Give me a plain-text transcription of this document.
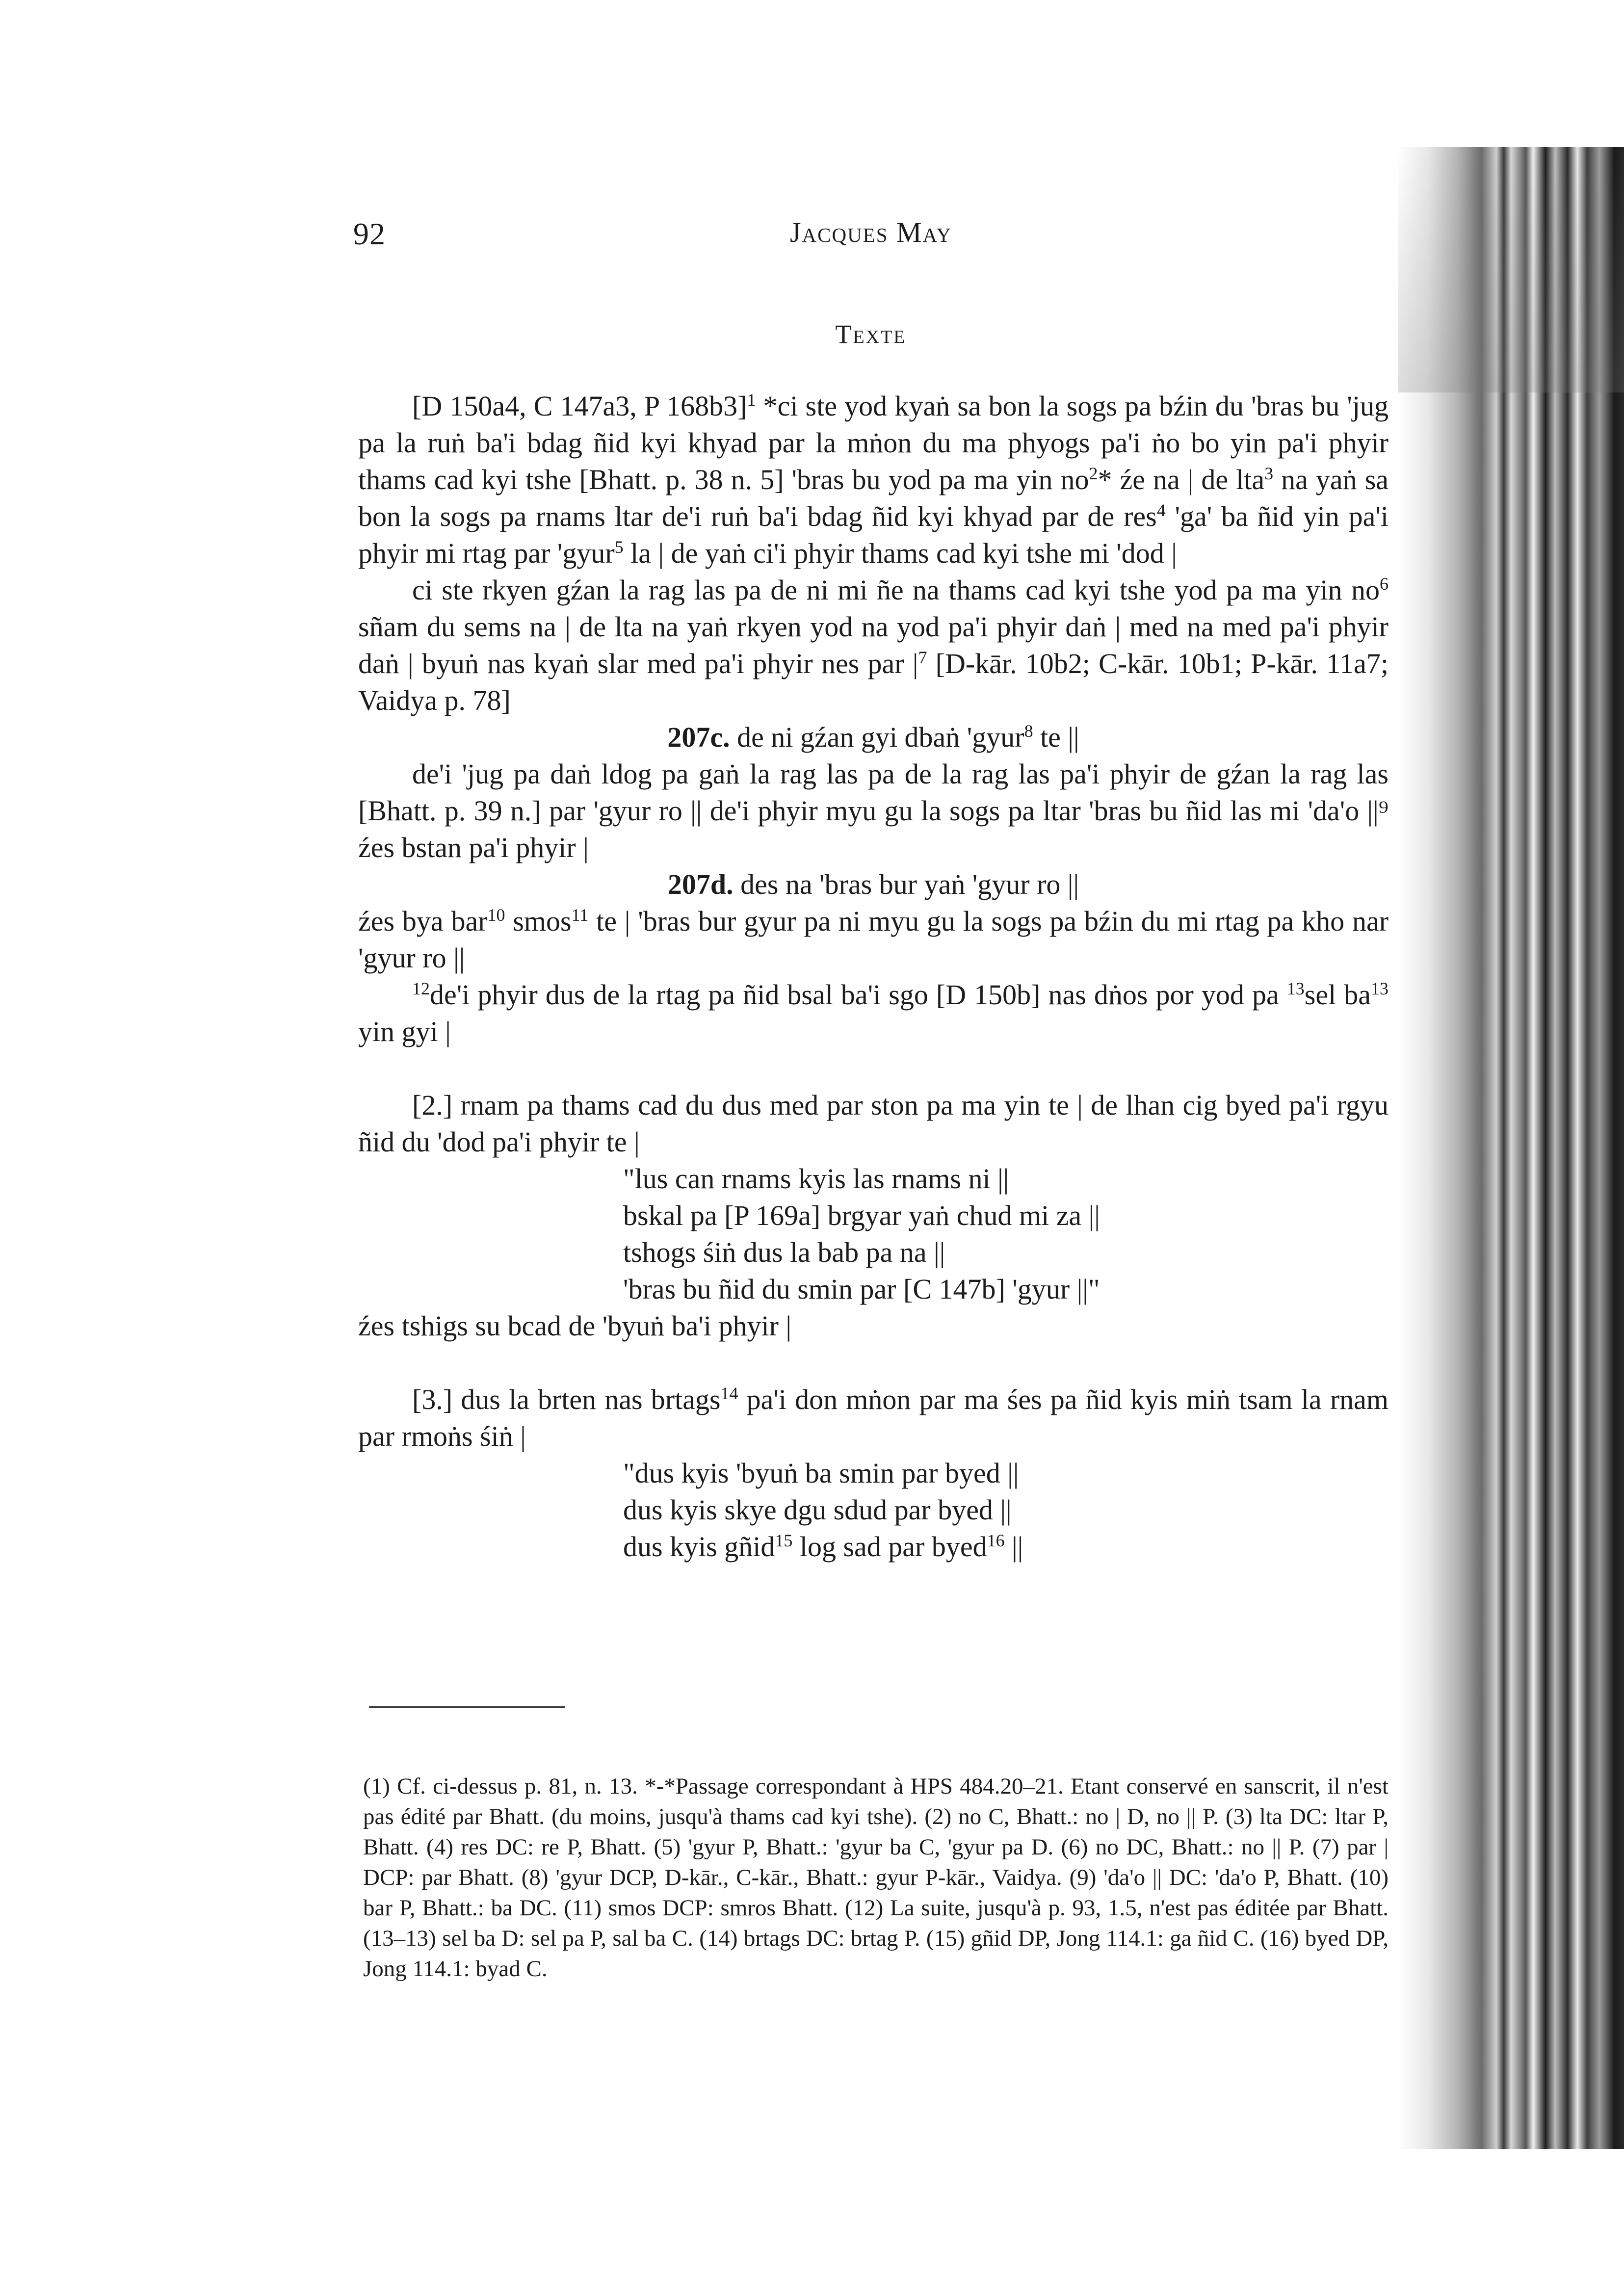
92	Jacques May
Texte

[D 150a4, C 147a3, P 168b3]$^1$ *ci ste yod kyaṅ sa bon la sogs pa bźin du 'bras bu 'jug pa la ruṅ ba'i bdag ñid kyi khyad par la mṅon du ma phyogs pa'i ṅo bo yin pa'i phyir thams cad kyi tshe [Bhatt. p. 38 n. 5] 'bras bu yod pa ma yin $no^2*$ źe na | de lta$^3$ na yaṅ sa bon la sogs pa rnams ltar de'i ruṅ ba'i bdag ñid kyi khyad par de res$^4$ 'ga' ba ñid yin pa'i phyir mi rtag par 'gyur$^5$ la | de yaṅ ci'i phyir thams cad kyi tshe mi 'dod |

ci ste rkyen gźan la rag las pa de ni mi ñe na thams cad kyi tshe yod pa ma yin $no^6$ sñam du sems na | de lta na yaṅ rkyen yod na yod pa'i phyir daṅ | med na med pa'i phyir daṅ | byuṅ nas kyaṅ slar med pa'i phyir nes par $|^7$ [D-kār. 10b2; C-kār. 10b1; P-kār. 11a7; Vaidya p. 78]

207c. de ni gźan gyi dbaṅ 'gyur$^8$ te ||

de'i 'jug pa daṅ ldog pa gaṅ la rag las pa de la rag las pa'i phyir de gźan la rag las [Bhatt. p. 39 n.] par 'gyur ro || de'i phyir myu gu la sogs pa ltar 'bras bu ñid las mi 'da'o ||⁹ źes bstan pa'i phyir |

207d. des na 'bras bur yaṅ 'gyur ro ||

źes bya bar$^{10}$ smos$^{11}$ te | 'bras bur gyur pa ni myu gu la sogs pa bźin du mi rtag pa kho nar 'gyur ro ||

$^{12}$de'i phyir dus de la rtag pa ñid bsal ba'i sgo [D 150b] nas dṅos por yod pa $^{13}$sel $ba^{13}$ yin gyi |

[2.] rnam pa thams cad du dus med par ston pa ma yin te | de lhan cig byed pa'i rgyu ñid du 'dod pa'i phyir te |

"lus can rnams kyis las rnams ni ||

bskal pa [P 169a] brgyar yaṅ chud mi za ||

tshogs śiṅ dus la bab pa na ||

'bras bu ñid du smin par [C 147b] 'gyur ||"

źes tshigs su bcad de 'byuṅ ba'i phyir |

[3.] dus la brten nas brtags$^{14}$ pa'i don mṅon par ma śes pa ñid kyis miṅ tsam la rnam par rmoṅs śiṅ |

"dus kyis 'byuṅ ba smin par byed ||

dus kyis skye dgu sdud par byed ||

dus kyis gñid$^{15}$ log sad par byed$^{16}$ ||

(1) Cf. ci-dessus p. 81, n. 13. *-*Passage correspondant à HPS 484.20–21. Etant conservé en sanscrit, il n'est pas édité par Bhatt. (du moins, jusqu'à thams cad kyi tshe). (2) no C, Bhatt.: no | D, no || P. (3) lta DC: ltar P, Bhatt. (4) res DC: re P, Bhatt. (5) 'gyur P, Bhatt.: 'gyur ba C, 'gyur pa D. (6) no DC, Bhatt.: no || P. (7) par | DCP: par Bhatt. (8) 'gyur DCP, D-kār., C-kār., Bhatt.: gyur P-kār., Vaidya. (9) 'da'o || DC: 'da'o P, Bhatt. (10) bar P, Bhatt.: ba DC. (11) smos DCP: smros Bhatt. (12) La suite, jusqu'à p. 93, 1.5, n'est pas éditée par Bhatt. (13–13) sel ba D: sel pa P, sal ba C. (14) brtags DC: brtag P. (15) gñid DP, Jong 114.1: ga ñid C. (16) byed DP, Jong 114.1: byad C.
